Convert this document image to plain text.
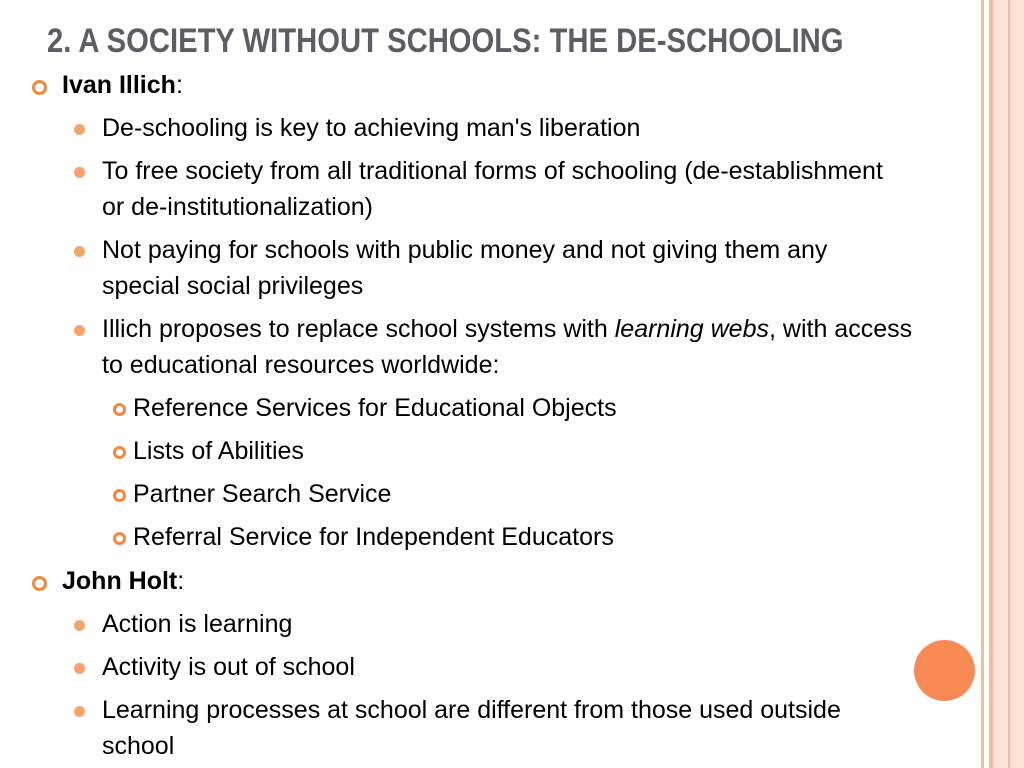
2. A SOCIETY WITHOUT SCHOOLS: THE DE-SCHOOLING
Ivan Illich:
De-schooling is key to achieving man's liberation
To free society from all traditional forms of schooling (de-establishment
or de-institutionalization)
Not paying for schools with public money and not giving them any
special social privileges
Illich proposes to replace school systems with learning webs, with access
to educational resources worldwide:
Reference Services for Educational Objects
Lists of Abilities
Partner Search Service
Referral Service for Independent Educators
John Holt:
Action is learning
Activity is out of school
Learning processes at school are different from those used outside
school
